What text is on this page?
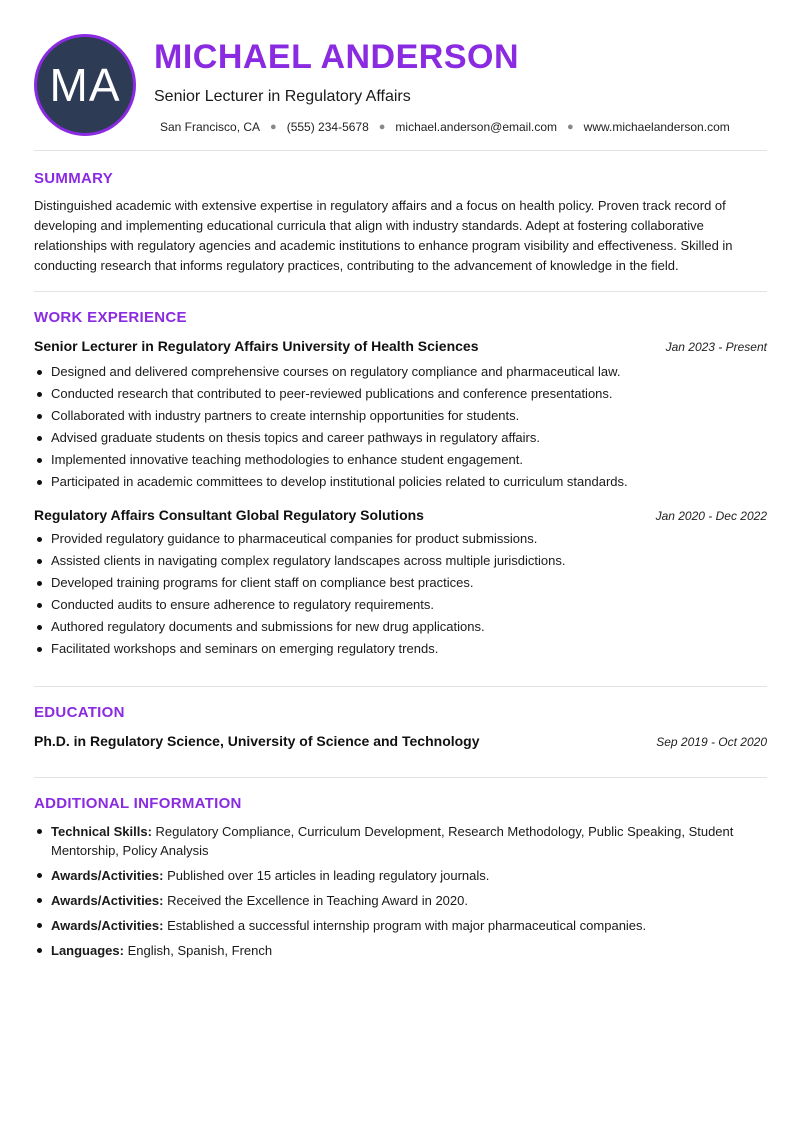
MA
MICHAEL ANDERSON
Senior Lecturer in Regulatory Affairs
San Francisco, CA ● (555) 234-5678 ● michael.anderson@email.com ● www.michaelanderson.com
SUMMARY
Distinguished academic with extensive expertise in regulatory affairs and a focus on health policy. Proven track record of developing and implementing educational curricula that align with industry standards. Adept at fostering collaborative relationships with regulatory agencies and academic institutions to enhance program visibility and effectiveness. Skilled in conducting research that informs regulatory practices, contributing to the advancement of knowledge in the field.
WORK EXPERIENCE
Senior Lecturer in Regulatory Affairs University of Health Sciences	Jan 2023 - Present
Designed and delivered comprehensive courses on regulatory compliance and pharmaceutical law.
Conducted research that contributed to peer-reviewed publications and conference presentations.
Collaborated with industry partners to create internship opportunities for students.
Advised graduate students on thesis topics and career pathways in regulatory affairs.
Implemented innovative teaching methodologies to enhance student engagement.
Participated in academic committees to develop institutional policies related to curriculum standards.
Regulatory Affairs Consultant Global Regulatory Solutions	Jan 2020 - Dec 2022
Provided regulatory guidance to pharmaceutical companies for product submissions.
Assisted clients in navigating complex regulatory landscapes across multiple jurisdictions.
Developed training programs for client staff on compliance best practices.
Conducted audits to ensure adherence to regulatory requirements.
Authored regulatory documents and submissions for new drug applications.
Facilitated workshops and seminars on emerging regulatory trends.
EDUCATION
Ph.D. in Regulatory Science, University of Science and Technology	Sep 2019 - Oct 2020
ADDITIONAL INFORMATION
Technical Skills: Regulatory Compliance, Curriculum Development, Research Methodology, Public Speaking, Student Mentorship, Policy Analysis
Awards/Activities: Published over 15 articles in leading regulatory journals.
Awards/Activities: Received the Excellence in Teaching Award in 2020.
Awards/Activities: Established a successful internship program with major pharmaceutical companies.
Languages: English, Spanish, French
